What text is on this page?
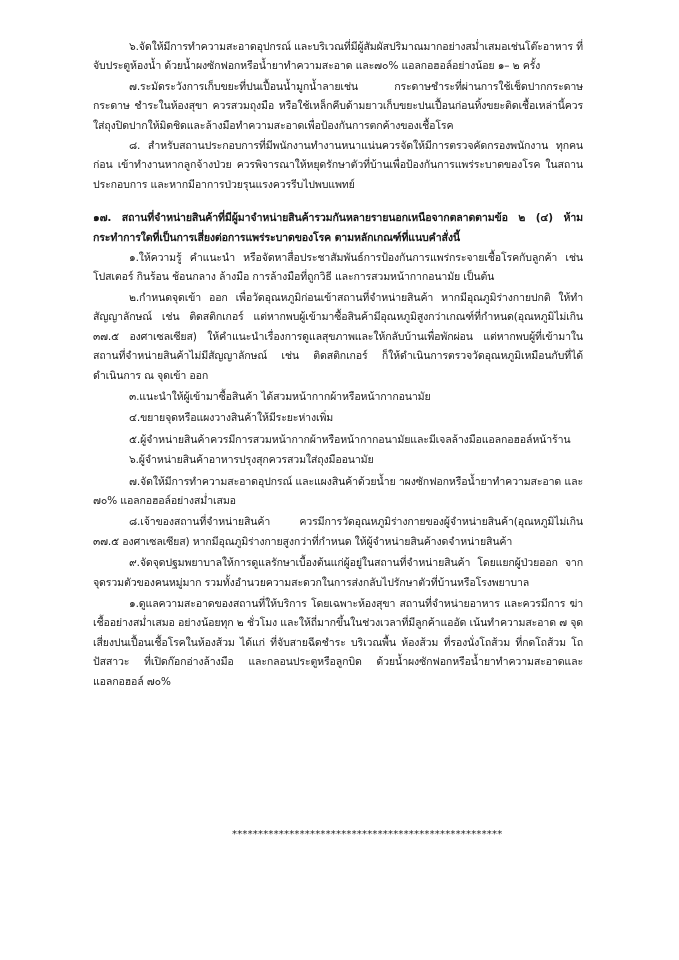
๖.จัดให้มีการทำความสะอาดอุปกรณ์ และบริเวณที่มีผู้สัมผัสปริมาณมากอย่างสม่ำเสมอเช่นโต๊ะอาหาร ที่จับประตูห้องน้ำ ด้วยน้ำผงซักฟอกหรือน้ำยาทำความสะอาด และ๗๐% แอลกอฮอล์อย่างน้อย ๑– ๒ ครั้ง

๗.ระมัดระวังการเก็บขยะที่ปนเปื้อนน้ำมูกน้ำลายเช่น กระดาษชำระที่ผ่านการใช้เช็ดปากกระดาษ กระดาษ ชำระในห้องสุขา ควรสวมถุงมือ หรือใช้เหล็กคีบด้ามยาวเก็บขยะปนเปื้อนก่อนทิ้งขยะติดเชื้อเหล่านี้ควรใส่ถุงปิดปากให้มิดชิดและล้างมือทำความสะอาดเพื่อป้องกันการตกค้างของเชื้อโรค

๘. สำหรับสถานประกอบการที่มีพนักงานทำงานหนาแน่นควรจัดให้มีการตรวจคัดกรองพนักงาน ทุกคนก่อน เข้าทำงานหากลูกจ้างป่วย ควรพิจารณาให้หยุดรักษาตัวที่บ้านเพื่อป้องกันการแพร่ระบาดของโรค ในสถานประกอบการ และหากมีอาการป่วยรุนแรงควรรีบไปพบแพทย์

๑๗. สถานที่จำหน่ายสินค้าที่มีผู้มาจำหน่ายสินค้ารวมกันหลายรายนอกเหนือจากตลาดตามข้อ ๒ (๔) ห้ามกระทำการใดที่เป็นการเสี่ยงต่อการแพร่ระบาดของโรค ตามหลักเกณฑ์ที่แนบคำสั่งนี้

๑.ให้ความรู้ คำแนะนำ หรือจัดหาสื่อประชาสัมพันธ์การป้องกันการแพร่กระจายเชื้อโรคกับลูกค้า เช่น โปสเตอร์ กินร้อน ช้อนกลาง ล้างมือ การล้างมือที่ถูกวิธี และการสวมหน้ากากอนามัย เป็นต้น

๒.กำหนดจุดเข้า ออก เพื่อวัดอุณหภูมิก่อนเข้าสถานที่จำหน่ายสินค้า หากมีอุณภูมิร่างกายปกติ ให้ทำสัญญาลักษณ์ เช่น ติดสติกเกอร์ แต่หากพบผู้เข้ามาซื้อสินค้ามีอุณหภูมิสูงกว่าเกณฑ์ที่กำหนด(อุณหภูมิไม่เกิน ๓๗.๕ องศาเซลเซียส) ให้คำแนะนำเรื่องการดูแลสุขภาพและให้กลับบ้านเพื่อพักผ่อน แต่หากพบผู้ที่เข้ามาใน สถานที่จำหน่ายสินค้าไม่มีสัญญาลักษณ์ เช่น ติดสติกเกอร์ ก็ให้ดำเนินการตรวจวัดอุณหภูมิเหมือนกับที่ได้ ดำเนินการ ณ จุดเข้า ออก

๓.แนะนำให้ผู้เข้ามาซื้อสินค้า ได้สวมหน้ากากผ้าหรือหน้ากากอนามัย

๔.ขยายจุดหรือแผงวางสินค้าให้มีระยะห่างเพิ่ม

๕.ผู้จำหน่ายสินค้าควรมีการสวมหน้ากากผ้าหรือหน้ากากอนามัยและมีเจลล้างมือแอลกอฮอล์หน้าร้าน

๖.ผู้จำหน่ายสินค้าอาหารปรุงสุกควรสวมใส่ถุงมืออนามัย

๗.จัดให้มีการทำความสะอาดอุปกรณ์ และแผงสินค้าด้วยน้ำย าผงซักฟอกหรือน้ำยาทำความสะอาด และ ๗๐% แอลกอฮอล์อย่างสม่ำเสมอ

๘.เจ้าของสถานที่จำหน่ายสินค้า ควรมีการวัดอุณหภูมิร่างกายของผู้จำหน่ายสินค้า(อุณหภูมิไม่เกิน ๓๗.๕ องศาเซลเซียส) หากมีอุณภูมิร่างกายสูงกว่าที่กำหนด ให้ผู้จำหน่ายสินค้างดจำหน่ายสินค้า

๙.จัดจุดปฐมพยาบาลให้การดูแลรักษาเบื้องต้นแก่ผู้อยู่ในสถานที่จำหน่ายสินค้า โดยแยกผู้ป่วยออก จากจุดรวมตัวของคนหมู่มาก รวมทั้งอำนวยความสะดวกในการส่งกลับไปรักษาตัวที่บ้านหรือโรงพยาบาล

๑.ดูแลความสะอาดของสถานที่ให้บริการ โดยเฉพาะห้องสุขา สถานที่จำหน่ายอาหาร และควรมีการ ฆ่าเชื้ออย่างสม่ำเสมอ อย่างน้อยทุก ๒ ชั่วโมง และให้ถี่มากขึ้นในช่วงเวลาที่มีลูกค้าแออัด เน้นทำความสะอาด ๗ จุดเสี่ยงปนเปื้อนเชื้อโรคในห้องส้วม ได้แก่ ที่จับสายฉีดชำระ บริเวณพื้น ห้องส้วม ที่รองนั่งโถส้วม ที่กดโถส้วม โถปัสสาวะ ที่เปิดก๊อกอ่างล้างมือ และกลอนประตูหรือลูกบิด ด้วยน้ำผงซักฟอกหรือน้ำยาทำความสะอาดและแอลกอฮอล์ ๗๐%

****************************************************
